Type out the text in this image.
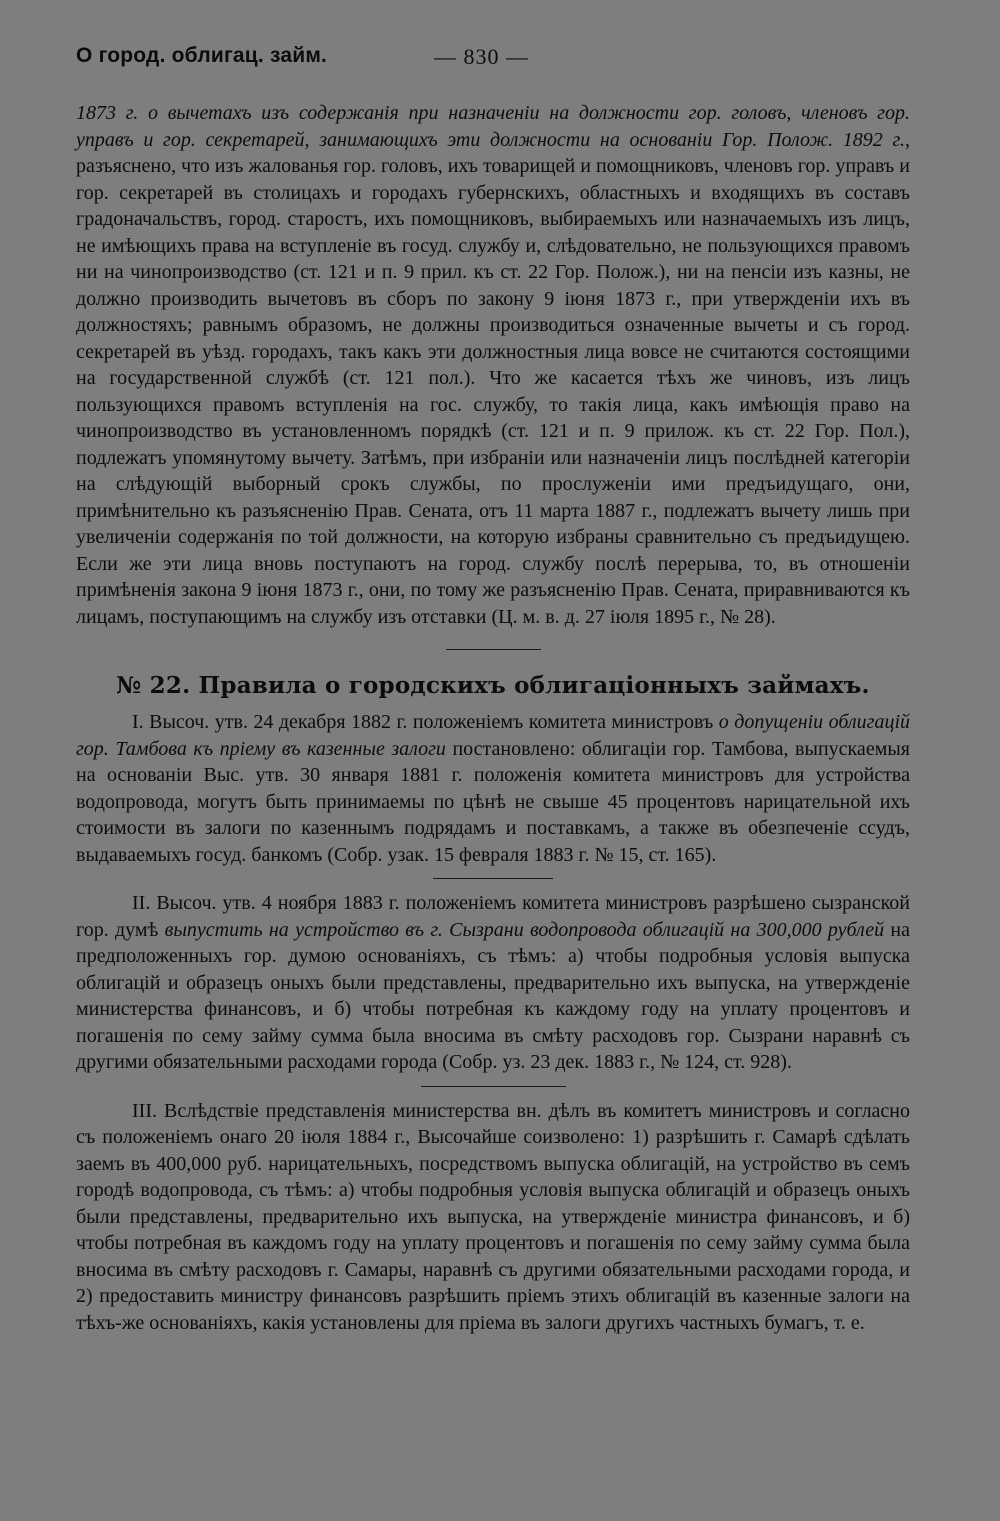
О город. облигац. займ.	— 830 —

1873 г. о вычетахъ изъ содержанія при назначеніи на должности гор. головъ, членовъ гор. управъ и гор. секретарей, занимающихъ эти должности на основаніи Гор. Полож. 1892 г., разъяснено, что изъ жалованья гор. головъ, ихъ товарищей и помощниковъ, членовъ гор. управъ и гор. секретарей въ столицахъ и городахъ губернскихъ, областныхъ и входящихъ въ составъ градоначальствъ, город. старостъ, ихъ помощниковъ, выбираемыхъ или назначаемыхъ изъ лицъ, не имѣющихъ права на вступленіе въ госуд. службу и, слѣдовательно, не пользующихся правомъ ни на чинопроизводство (ст. 121 и п. 9 прил. къ ст. 22 Гор. Полож.), ни на пенсіи изъ казны, не должно производить вычетовъ въ сборъ по закону 9 іюня 1873 г., при утвержденіи ихъ въ должностяхъ; равнымъ образомъ, не должны производиться означенные вычеты и съ город. секретарей въ уѣзд. городахъ, такъ какъ эти должностныя лица вовсе не считаются состоящими на государственной службѣ (ст. 121 пол.). Что же касается тѣхъ же чиновъ, изъ лицъ пользующихся правомъ вступленія на гос. службу, то такія лица, какъ имѣющія право на чинопроизводство въ установленномъ порядкѣ (ст. 121 и п. 9 прилож. къ ст. 22 Гор. Пол.), подлежатъ упомянутому вычету. Затѣмъ, при избраніи или назначеніи лицъ послѣдней категоріи на слѣдующій выборный срокъ службы, по прослуженіи ими предъидущаго, они, примѣнительно къ разъясненію Прав. Сената, отъ 11 марта 1887 г., подлежатъ вычету лишь при увеличеніи содержанія по той должности, на которую избраны сравнительно съ предъидущею. Если же эти лица вновь поступаютъ на город. службу послѣ перерыва, то, въ отношеніи примѣненія закона 9 іюня 1873 г., они, по тому же разъясненію Прав. Сената, приравниваются къ лицамъ, поступающимъ на службу изъ отставки (Ц. м. в. д. 27 іюля 1895 г., № 28).

№ 22. Правила о городскихъ облигаціонныхъ займахъ.

I. Высоч. утв. 24 декабря 1882 г. положеніемъ комитета министровъ о допущеніи облигацій гор. Тамбова къ пріему въ казенные залоги постановлено: облигаціи гор. Тамбова, выпускаемыя на основаніи Выс. утв. 30 января 1881 г. положенія комитета министровъ для устройства водопровода, могутъ быть принимаемы по цѣнѣ не свыше 45 процентовъ нарицательной ихъ стоимости въ залоги по казеннымъ подрядамъ и поставкамъ, а также въ обезпеченіе ссудъ, выдаваемыхъ госуд. банкомъ (Собр. узак. 15 февраля 1883 г. № 15, ст. 165).

II. Высоч. утв. 4 ноября 1883 г. положеніемъ комитета министровъ разрѣшено сызранской гор. думѣ выпустить на устройство въ г. Сызрани водопровода облигацій на 300,000 рублей на предположенныхъ гор. думою основаніяхъ, съ тѣмъ: а) чтобы подробныя условія выпуска облигацій и образецъ оныхъ были представлены, предварительно ихъ выпуска, на утвержденіе министерства финансовъ, и б) чтобы потребная къ каждому году на уплату процентовъ и погашенія по сему займу сумма была вносима въ смѣту расходовъ гор. Сызрани наравнѣ съ другими обязательными расходами города (Собр. уз. 23 дек. 1883 г., № 124, ст. 928).

III. Вслѣдствіе представленія министерства вн. дѣлъ въ комитетъ министровъ и согласно съ положеніемъ онаго 20 іюля 1884 г., Высочайше соизволено: 1) разрѣшить г. Самарѣ сдѣлать заемъ въ 400,000 руб. нарицательныхъ, посредствомъ выпуска облигацій, на устройство въ семъ городѣ водопровода, съ тѣмъ: а) чтобы подробныя условія выпуска облигацій и образецъ оныхъ были представлены, предварительно ихъ выпуска, на утвержденіе министра финансовъ, и б) чтобы потребная въ каждомъ году на уплату процентовъ и погашенія по сему займу сумма была вносима въ смѣту расходовъ г. Самары, наравнѣ съ другими обязательными расходами города, и 2) предоставить министру финансовъ разрѣшить пріемъ этихъ облигацій въ казенные залоги на тѣхъ-же основаніяхъ, какія установлены для пріема въ залоги другихъ частныхъ бумагъ, т. е.
